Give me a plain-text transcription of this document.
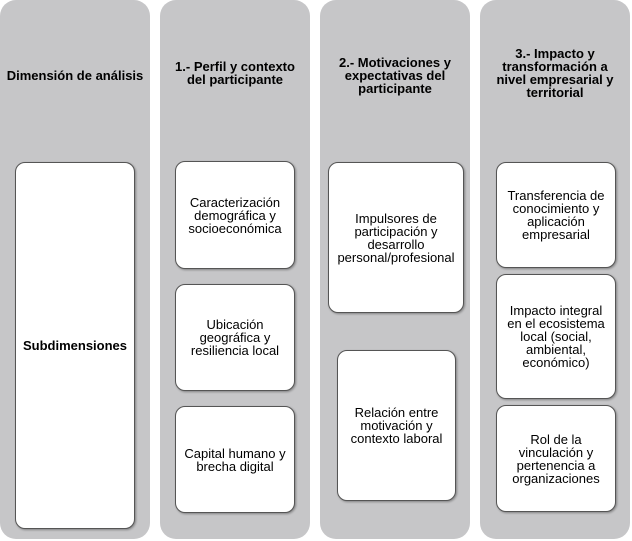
Dimensión de análisis
Subdimensiones
1.- Perfil y contexto del participante
Caracterización demográfica y socioeconómica
Ubicación geográfica y resiliencia local
Capital humano y brecha digital
2.- Motivaciones y expectativas del participante
Impulsores de participación y desarrollo personal/profesional
Relación entre motivación y contexto laboral
3.- Impacto y transformación a nivel empresarial y territorial
Transferencia de conocimiento y aplicación empresarial
Impacto integral en el ecosistema local (social, ambiental, económico)
Rol de la vinculación y pertenencia a organizaciones
